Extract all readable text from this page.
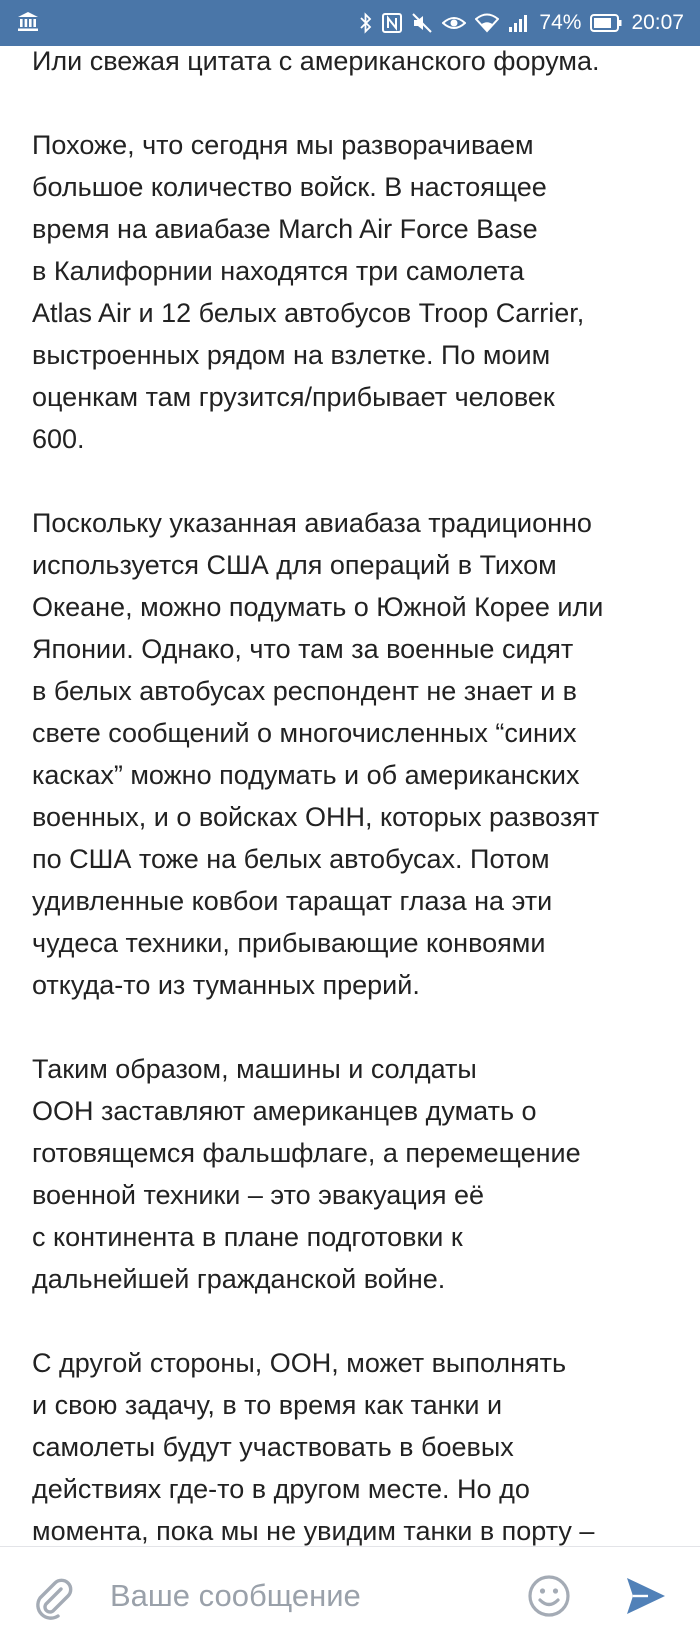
74% 20:07

Или свежая цитата с американского форума.

Похоже, что сегодня мы разворачиваем
большое количество войск. В настоящее
время на авиабазе March Air Force Base
в Калифорнии находятся три самолета
Atlas Air и 12 белых автобусов Troop Carrier,
выстроенных рядом на взлетке. По моим
оценкам там грузится/прибывает человек
600.

Поскольку указанная авиабаза традиционно
используется США для операций в Тихом
Океане, можно подумать о Южной Корее или
Японии. Однако, что там за военные сидят
в белых автобусах респондент не знает и в
свете сообщений о многочисленных “синих
касках” можно подумать и об американских
военных, и о войсках ОНН, которых развозят
по США тоже на белых автобусах. Потом
удивленные ковбои таращат глаза на эти
чудеса техники, прибывающие конвоями
откуда-то из туманных прерий.

Таким образом, машины и солдаты
ООН заставляют американцев думать о
готовящемся фальшфлаге, а перемещение
военной техники – это эвакуация её
с континента в плане подготовки к
дальнейшей гражданской войне.

С другой стороны, ООН, может выполнять
и свою задачу, в то время как танки и
самолеты будут участвовать в боевых
действиях где-то в другом месте. Но до
момента, пока мы не увидим танки в порту –

Ваше сообщение
